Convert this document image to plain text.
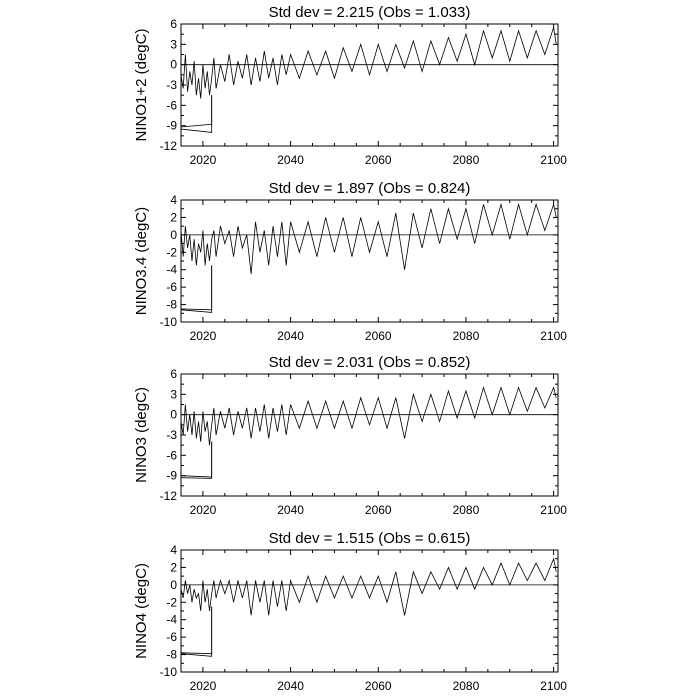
Std dev = 2.215 (Obs = 1.033)
NINO1+2 (degC)
6
3
0
-3
-6
-9
-12
2020	2040	2060	2080	2100
Std dev = 1.897 (Obs = 0.824)
NINO3.4 (degC)
4
2
0
-2
-4
-6
-8
-10
2020	2040	2060	2080	2100
Std dev = 2.031 (Obs = 0.852)
NINO3 (degC)
6
3
0
-3
-6
-9
-12
2020	2040	2060	2080	2100
Std dev = 1.515 (Obs = 0.615)
NINO4 (degC)
4
2
0
-2
-4
-6
-8
-10
2020	2040	2060	2080	2100
